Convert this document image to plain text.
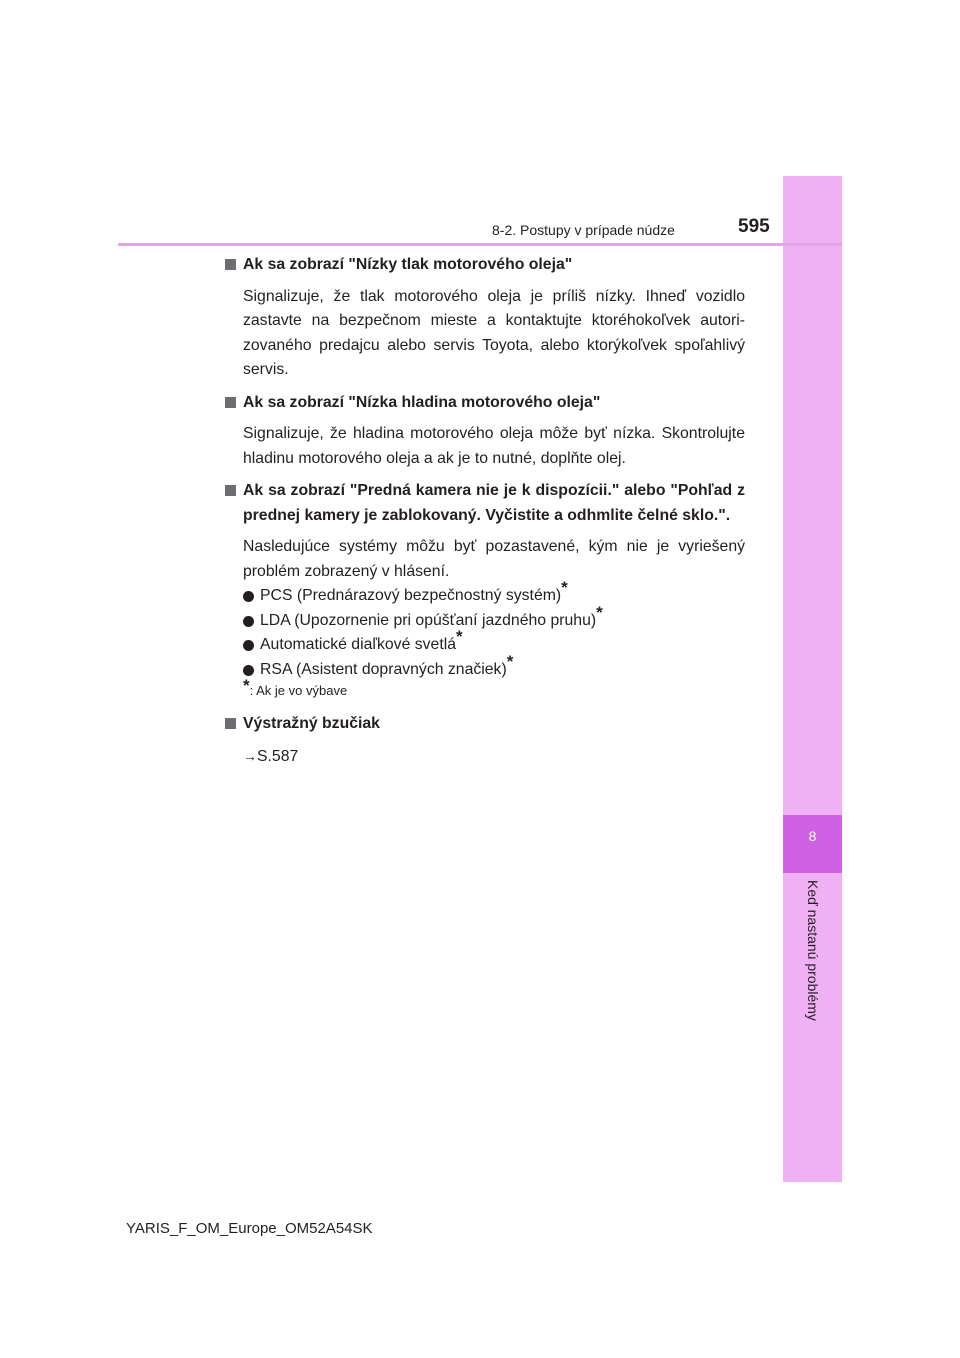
8
Keď nastanú problémy
8-2. Postupy v prípade núdze	595
Ak sa zobrazí "Nízky tlak motorového oleja"
Signalizuje, že tlak motorového oleja je príliš nízky. Ihneď vozidlo zastavte na bezpečnom mieste a kontaktujte ktoréhokoľvek autorizovaného predajcu alebo servis Toyota, alebo ktorýkoľvek spoľahlivý servis.
Ak sa zobrazí "Nízka hladina motorového oleja"
Signalizuje, že hladina motorového oleja môže byť nízka. Skontrolujte hladinu motorového oleja a ak je to nutné, doplňte olej.
Ak sa zobrazí "Predná kamera nie je k dispozícii." alebo "Pohľad z prednej kamery je zablokovaný. Vyčistite a odhmlite čelné sklo.".
Nasledujúce systémy môžu byť pozastavené, kým nie je vyriešený problém zobrazený v hlásení.
PCS (Prednárazový bezpečnostný systém)*
LDA (Upozornenie pri opúšťaní jazdného pruhu)*
Automatické diaľkové svetlá*
RSA (Asistent dopravných značiek)*
*: Ak je vo výbave
Výstražný bzučiak
→S.587
YARIS_F_OM_Europe_OM52A54SK
